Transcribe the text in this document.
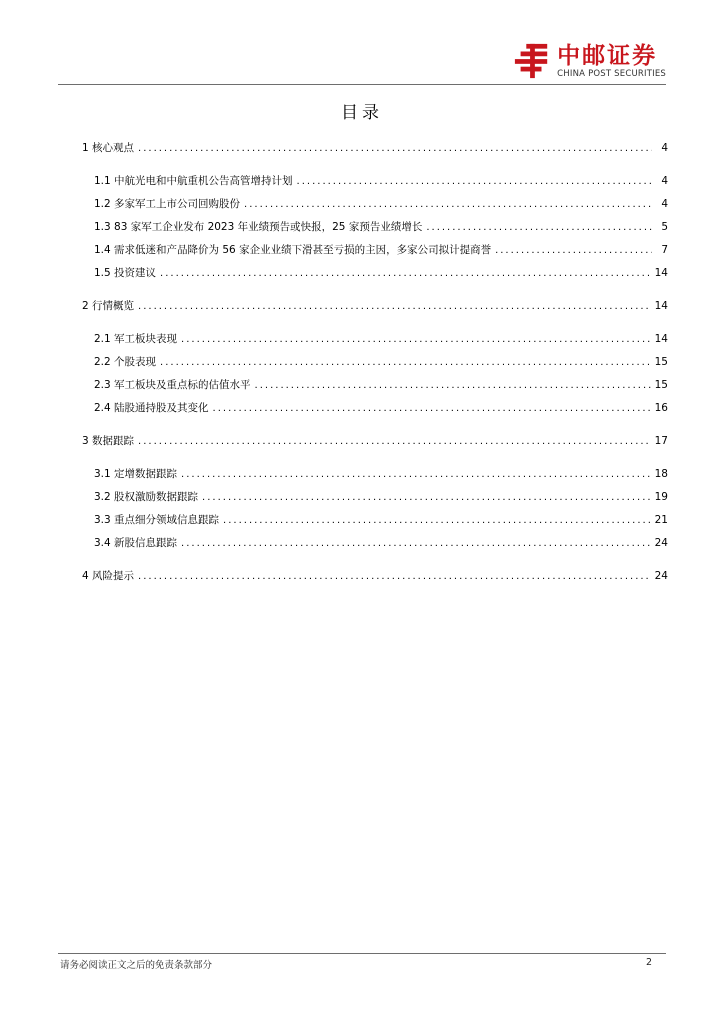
中邮证券
CHINA POST SECURITIES
目录
1 核心观点 .....	4
1.1 中航光电和中航重机公告高管增持计划 .....	4
1.2 多家军工上市公司回购股份 .....	4
1.3 83 家军工企业发布 2023 年业绩预告或快报，25 家预告业绩增长 .....	5
1.4 需求低迷和产品降价为 56 家企业业绩下滑甚至亏损的主因，多家公司拟计提商誉 .....	7
1.5 投资建议 .....	14
2 行情概览 .....	14
2.1 军工板块表现 .....	14
2.2 个股表现 .....	15
2.3 军工板块及重点标的估值水平 .....	15
2.4 陆股通持股及其变化 .....	16
3 数据跟踪 .....	17
3.1 定增数据跟踪 .....	18
3.2 股权激励数据跟踪 .....	19
3.3 重点细分领域信息跟踪 .....	21
3.4 新股信息跟踪 .....	24
4 风险提示 .....	24
请务必阅读正文之后的免责条款部分	2
